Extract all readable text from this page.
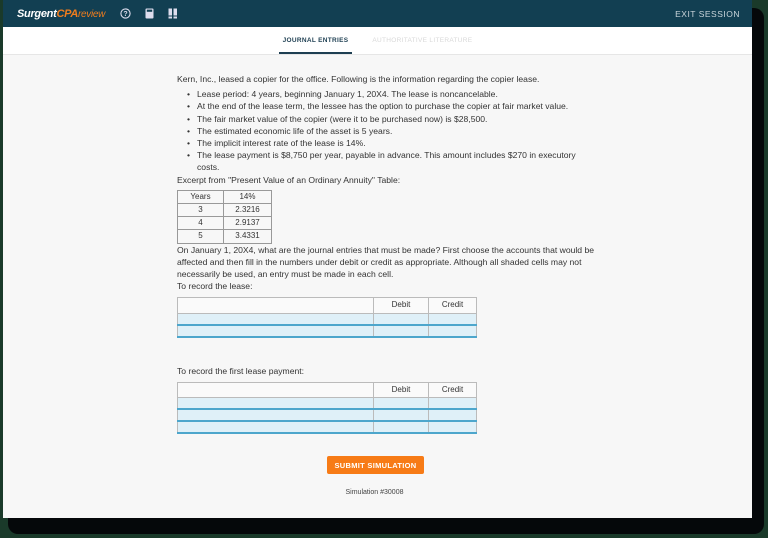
Surgent CPA review	?	EXIT SESSION
JOURNAL ENTRIES	AUTHORITATIVE LITERATURE

Kern, Inc., leased a copier for the office. Following is the information regarding the copier lease.

• Lease period: 4 years, beginning January 1, 20X4. The lease is noncancelable.
• At the end of the lease term, the lessee has the option to purchase the copier at fair market value.
• The fair market value of the copier (were it to be purchased now) is $28,500.
• The estimated economic life of the asset is 5 years.
• The implicit interest rate of the lease is 14%.
• The lease payment is $8,750 per year, payable in advance. This amount includes $270 in executory costs.

Excerpt from "Present Value of an Ordinary Annuity" Table:

Years	14%
3	2.3216
4	2.9137
5	3.4331

On January 1, 20X4, what are the journal entries that must be made? First choose the accounts that would be affected and then fill in the numbers under debit or credit as appropriate. Although all shaded cells may not necessarily be used, an entry must be made in each cell.

To record the lease:

	Debit	Credit

To record the first lease payment:

	Debit	Credit

SUBMIT SIMULATION
Simulation #30008
